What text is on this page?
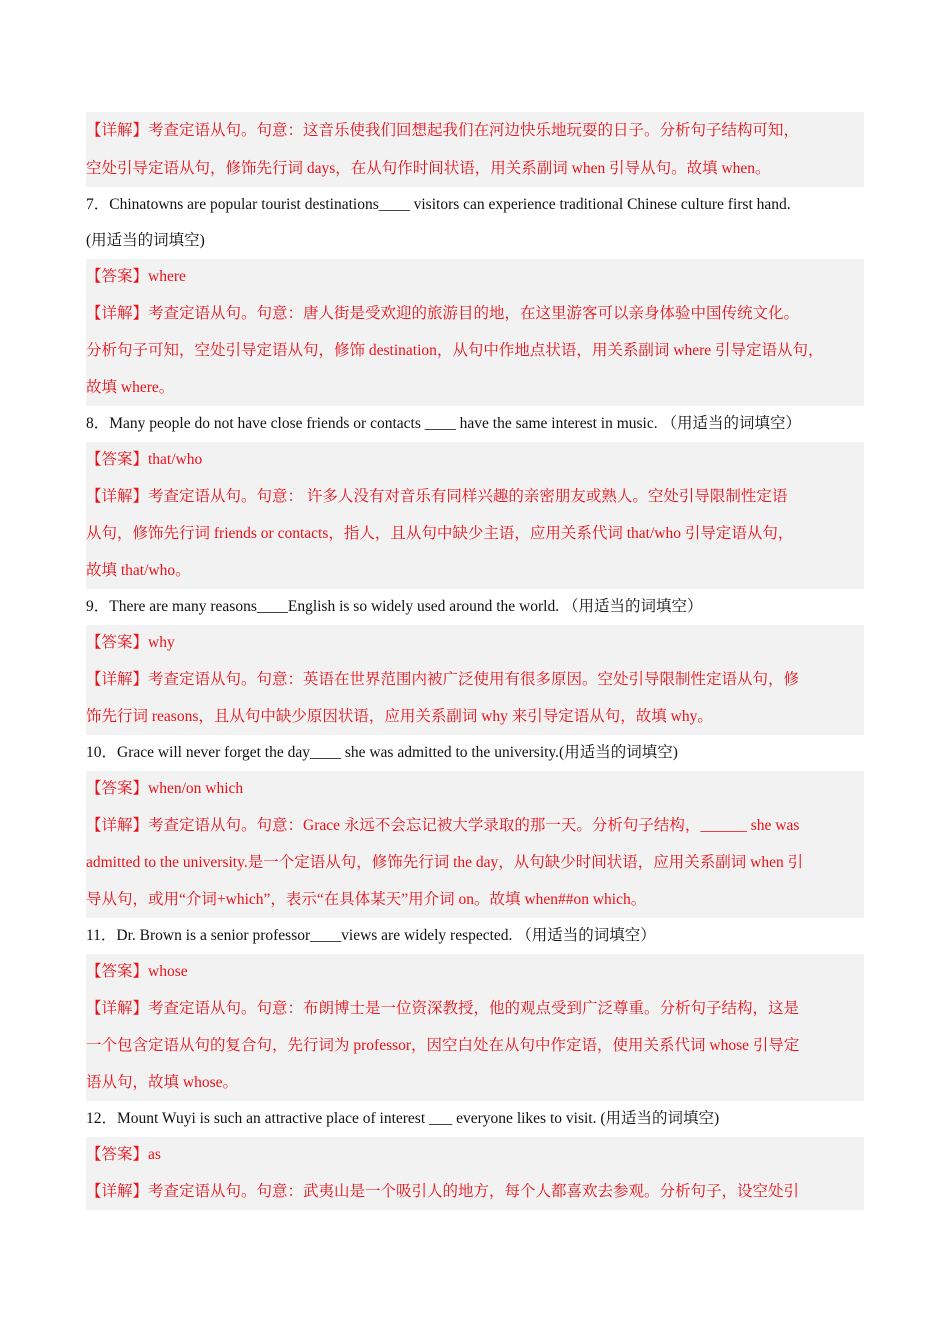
【详解】考查定语从句。句意：这音乐使我们回想起我们在河边快乐地玩耍的日子。分析句子结构可知，
空处引导定语从句，修饰先行词 days，在从句作时间状语，用关系副词 when 引导从句。故填 when。
7．Chinatowns are popular tourist destinations____ visitors can experience traditional Chinese culture first hand.
(用适当的词填空)
【答案】where
【详解】考查定语从句。句意：唐人街是受欢迎的旅游目的地，在这里游客可以亲身体验中国传统文化。
分析句子可知，空处引导定语从句，修饰 destination，从句中作地点状语，用关系副词 where 引导定语从句，
故填 where。
8．Many people do not have close friends or contacts ____ have the same interest in music. （用适当的词填空）
【答案】that/who
【详解】考查定语从句。句意： 许多人没有对音乐有同样兴趣的亲密朋友或熟人。空处引导限制性定语
从句，修饰先行词 friends or contacts，指人，且从句中缺少主语，应用关系代词 that/who 引导定语从句，
故填 that/who。
9．There are many reasons____English is so widely used around the world. （用适当的词填空）
【答案】why
【详解】考查定语从句。句意：英语在世界范围内被广泛使用有很多原因。空处引导限制性定语从句，修
饰先行词 reasons，且从句中缺少原因状语，应用关系副词 why 来引导定语从句，故填 why。
10．Grace will never forget the day____ she was admitted to the university.(用适当的词填空)
【答案】when/on which
【详解】考查定语从句。句意：Grace 永远不会忘记被大学录取的那一天。分析句子结构，______ she was
admitted to the university.是一个定语从句，修饰先行词 the day，从句缺少时间状语，应用关系副词 when 引
导从句，或用“介词+which”，表示“在具体某天”用介词 on。故填 when##on which。
11．Dr. Brown is a senior professor____views are widely respected. （用适当的词填空）
【答案】whose
【详解】考查定语从句。句意：布朗博士是一位资深教授，他的观点受到广泛尊重。分析句子结构，这是
一个包含定语从句的复合句，先行词为 professor，因空白处在从句中作定语，使用关系代词 whose 引导定
语从句，故填 whose。
12．Mount Wuyi is such an attractive place of interest ___ everyone likes to visit. (用适当的词填空)
【答案】as
【详解】考查定语从句。句意：武夷山是一个吸引人的地方，每个人都喜欢去参观。分析句子，设空处引
